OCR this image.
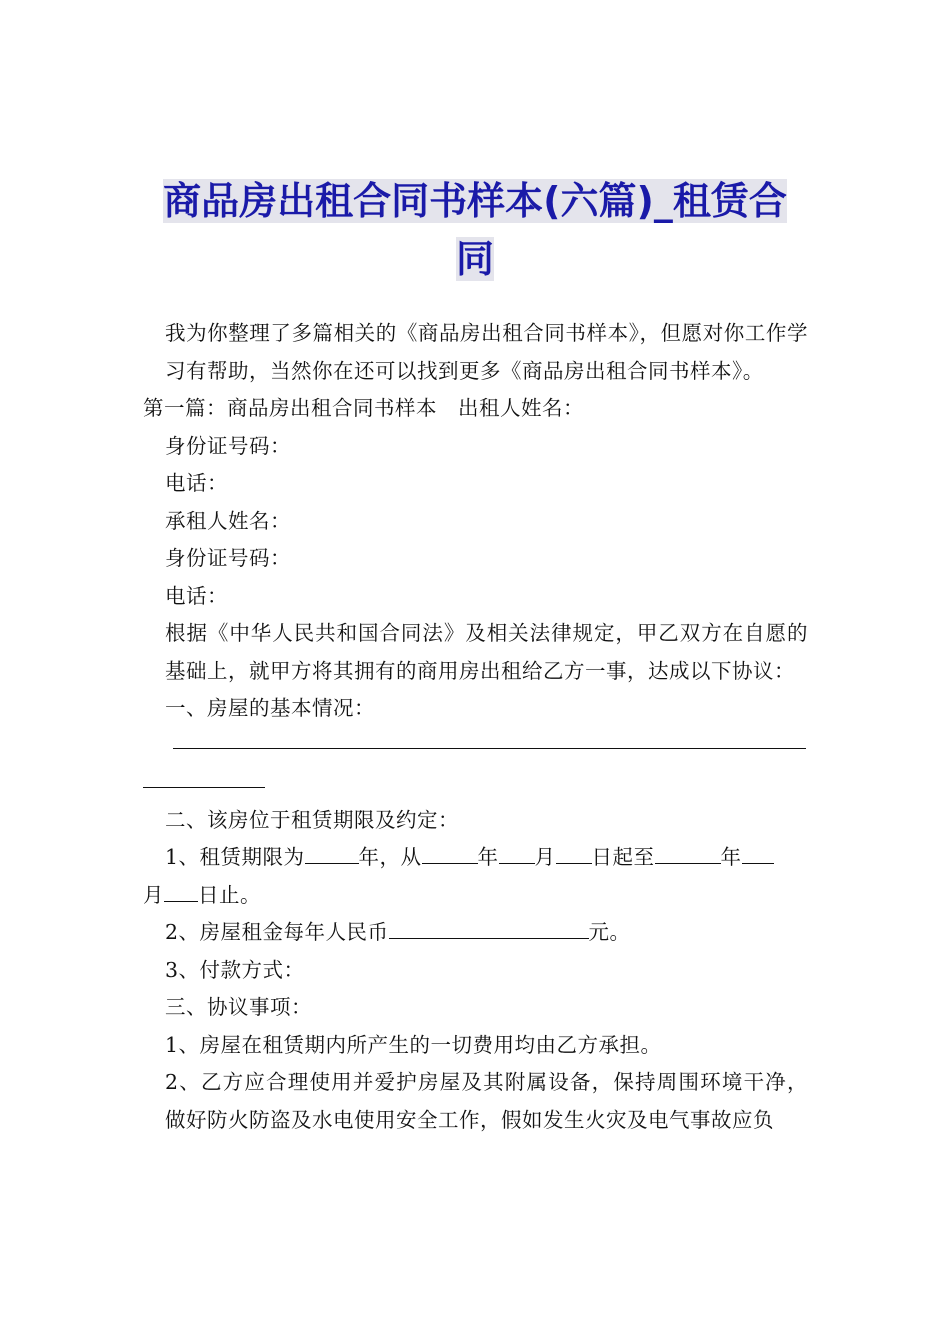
商品房出租合同书样本(六篇)_租赁合
同

我为你整理了多篇相关的《商品房出租合同书样本》，但愿对你工作学习有帮助，当然你在还可以找到更多《商品房出租合同书样本》。

第一篇：商品房出租合同书样本　出租人姓名：

身份证号码：

电话：

承租人姓名：

身份证号码：

电话：

根据《中华人民共和国合同法》及相关法律规定，甲乙双方在自愿的基础上，就甲方将其拥有的商用房出租给乙方一事，达成以下协议：

一、房屋的基本情况：

二、该房位于租赁期限及约定：

1、租赁期限为	年，从	年 月 日起至	年
月 日止。

2、房屋租金每年人民币	元。

3、付款方式：

三、协议事项：

1、房屋在租赁期内所产生的一切费用均由乙方承担。

2、乙方应合理使用并爱护房屋及其附属设备，保持周围环境干净，做好防火防盗及水电使用安全工作，假如发生火灾及电气事故应负
